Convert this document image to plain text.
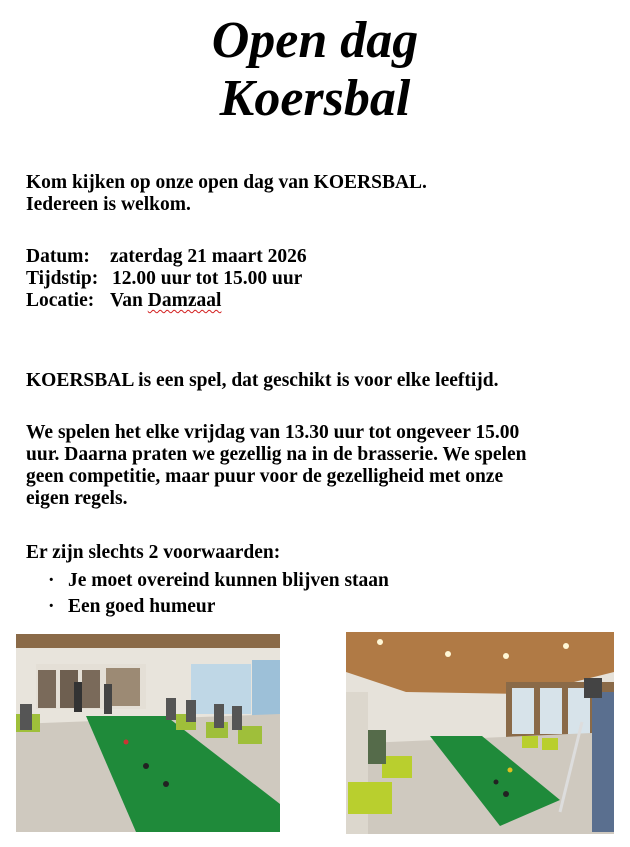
Open dag
Koersbal
Kom kijken op onze open dag van KOERSBAL.
Iedereen is welkom.
Datum: zaterdag 21 maart 2026
Tijdstip: 12.00 uur tot 15.00 uur
Locatie: Van Damzaal
KOERSBAL is een spel, dat geschikt is voor elke leeftijd.
We spelen het elke vrijdag van 13.30 uur tot ongeveer 15.00
uur. Daarna praten we gezellig na in de brasserie. We spelen
geen competitie, maar puur voor de gezelligheid met onze
eigen regels.
Er zijn slechts 2 voorwaarden:
· Je moet overeind kunnen blijven staan
· Een goed humeur
